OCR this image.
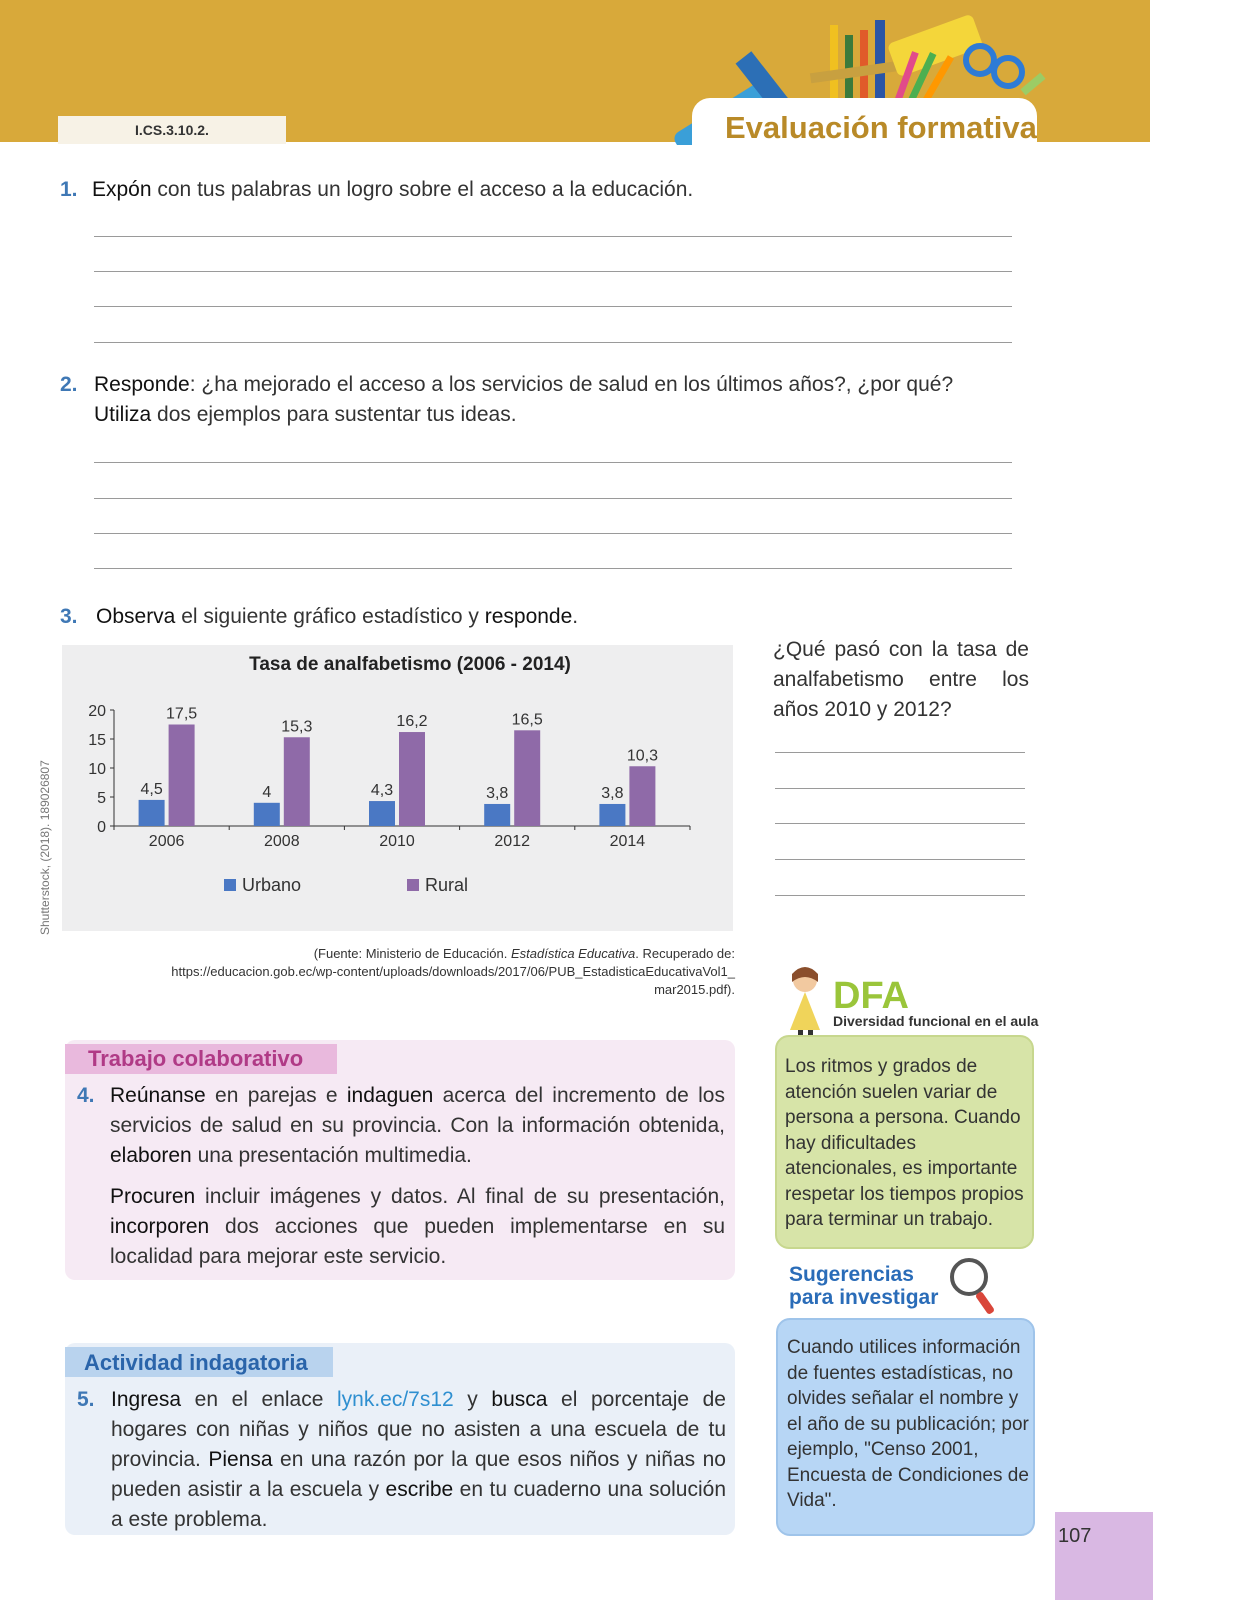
I.CS.3.10.2.	Evaluación formativa
Shutterstock, (2018). 189026807
1. Expón con tus palabras un logro sobre el acceso a la educación.
2. Responde: ¿ha mejorado el acceso a los servicios de salud en los últimos años?, ¿por qué?
Utiliza dos ejemplos para sustentar tus ideas.
3. Observa el siguiente gráfico estadístico y responde.
Tasa de analfabetismo (2006 - 2014)
0
5
10
15
20
2006
4,5
17,5
2008
4
15,3
2010
4,3
16,2
2012
3,8
16,5
2014
3,8
10,3
Urbano	Rural
(Fuente: Ministerio de Educación. Estadística Educativa. Recuperado de:
https://educacion.gob.ec/wp-content/uploads/downloads/2017/06/PUB_EstadisticaEducativaVol1_
mar2015.pdf).
¿Qué pasó con la tasa de analfabetismo entre los años 2010 y 2012?
Trabajo colaborativo
4. Reúnanse en parejas e indaguen acerca del incremento de los servicios de salud en su provincia. Con la información obtenida, elaboren una presentación multimedia.

Procuren incluir imágenes y datos. Al final de su presentación, incorporen dos acciones que pueden implementarse en su localidad para mejorar este servicio.

Actividad indagatoria
5. Ingresa en el enlace lynk.ec/7s12 y busca el porcentaje de hogares con niñas y niños que no asisten a una escuela de tu provincia. Piensa en una razón por la que esos niños y niñas no pueden asistir a la escuela y escribe en tu cuaderno una solución a este problema.
DFA
Diversidad funcional en el aula
Los ritmos y grados de atención suelen variar de persona a persona. Cuando hay dificultades atencionales, es importante respetar los tiempos propios para terminar un trabajo.
Sugerencias
para investigar
Cuando utilices información de fuentes estadísticas, no olvides señalar el nombre y el año de su publicación; por ejemplo, "Censo 2001, Encuesta de Condiciones de Vida".
107
